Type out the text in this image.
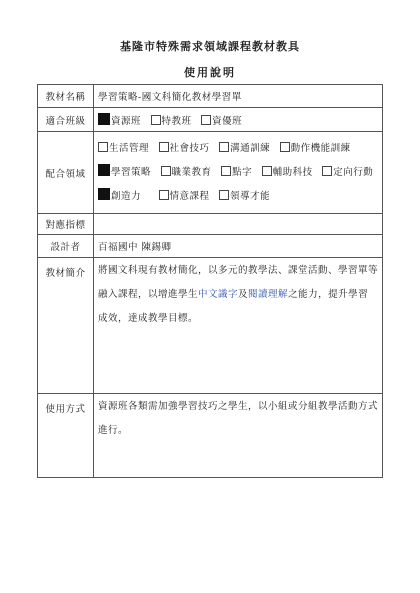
基隆市特殊需求領域課程教材教具
使用說明
教材名稱	學習策略-國文科簡化教材學習單
適合班級	資源班 特教班 資優班
配合領域	生活管理 社會技巧 溝通訓練 動作機能訓練
學習策略 職業教育 點字 輔助科技 定向行動
創造力 情意課程 領導才能

對應指標	
設計者	百福國中 陳錫卿
教材簡介	將國文科現有教材簡化，以多元的教學法、課堂活動、學習單等融入課程，以增進學生中文識字及閱讀理解之能力，提升學習成效，達成教學目標。

使用方式	資源班各類需加強學習技巧之學生，以小組或分組教學活動方式進行。
